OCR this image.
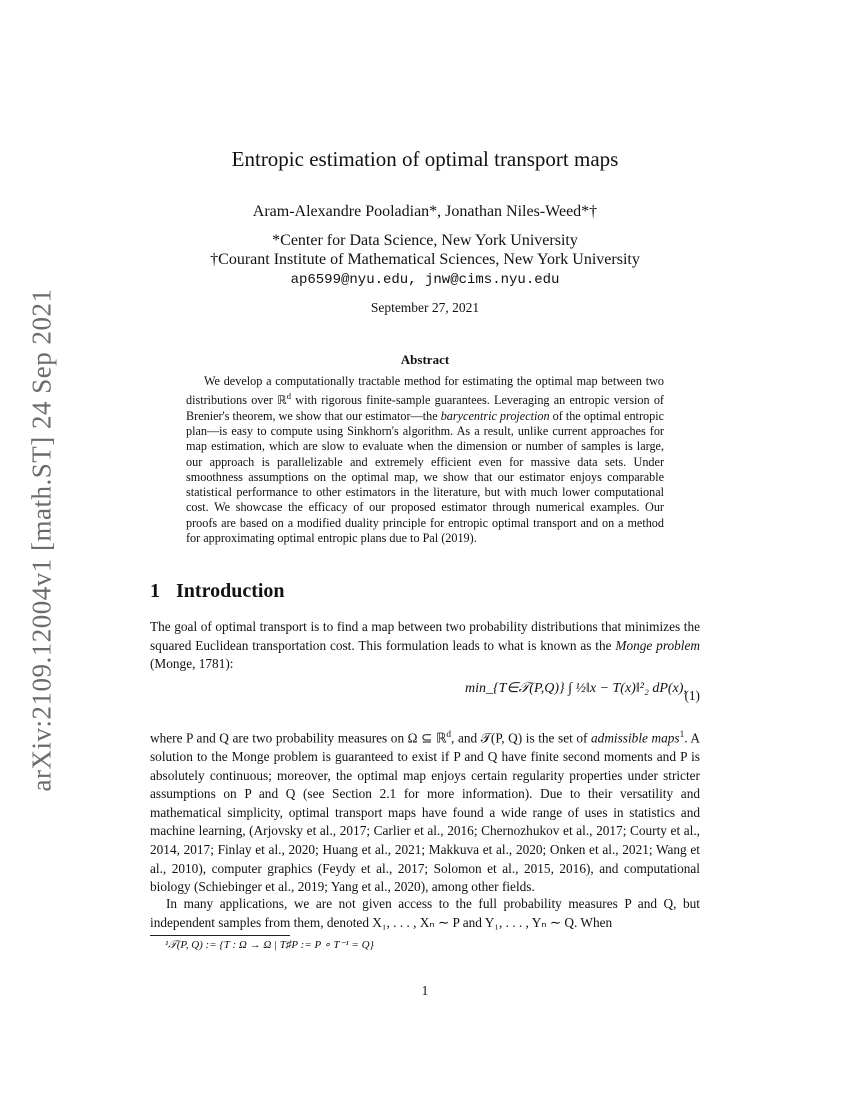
arXiv:2109.12004v1 [math.ST] 24 Sep 2021
Entropic estimation of optimal transport maps
Aram-Alexandre Pooladian*, Jonathan Niles-Weed*†
*Center for Data Science, New York University
†Courant Institute of Mathematical Sciences, New York University
ap6599@nyu.edu, jnw@cims.nyu.edu
September 27, 2021
Abstract
We develop a computationally tractable method for estimating the optimal map between two distributions over ℝ$^d$ with rigorous finite-sample guarantees. Leveraging an entropic version of Brenier's theorem, we show that our estimator—the barycentric projection of the optimal entropic plan—is easy to compute using Sinkhorn's algorithm. As a result, unlike current approaches for map estimation, which are slow to evaluate when the dimension or number of samples is large, our approach is parallelizable and extremely efficient even for massive data sets. Under smoothness assumptions on the optimal map, we show that our estimator enjoys comparable statistical performance to other estimators in the literature, but with much lower computational cost. We showcase the efficacy of our proposed estimator through numerical examples. Our proofs are based on a modified duality principle for entropic optimal transport and on a method for approximating optimal entropic plans due to Pal (2019).
1 Introduction
The goal of optimal transport is to find a map between two probability distributions that minimizes the squared Euclidean transportation cost. This formulation leads to what is known as the Monge problem (Monge, 1781):
min_{T∈𝒯(P,Q)} ∫ ½‖x − T(x)‖²₂ dP(x),
(1)
where P and Q are two probability measures on Ω ⊆ ℝ$^d$, and 𝒯(P, Q) is the set of admissible maps$^1$. A solution to the Monge problem is guaranteed to exist if P and Q have finite second moments and P is absolutely continuous; moreover, the optimal map enjoys certain regularity properties under stricter assumptions on P and Q (see Section 2.1 for more information). Due to their versatility and mathematical simplicity, optimal transport maps have found a wide range of uses in statistics and machine learning, (Arjovsky et al., 2017; Carlier et al., 2016; Chernozhukov et al., 2017; Courty et al., 2014, 2017; Finlay et al., 2020; Huang et al., 2021; Makkuva et al., 2020; Onken et al., 2021; Wang et al., 2010), computer graphics (Feydy et al., 2017; Solomon et al., 2015, 2016), and computational biology (Schiebinger et al., 2019; Yang et al., 2020), among other fields.
In many applications, we are not given access to the full probability measures P and Q, but independent samples from them, denoted X₁, . . . , Xₙ ∼ P and Y₁, . . . , Yₙ ∼ Q. When
¹𝒯(P, Q) := {T : Ω → Ω | T♯P := P ∘ T⁻¹ = Q}
1
